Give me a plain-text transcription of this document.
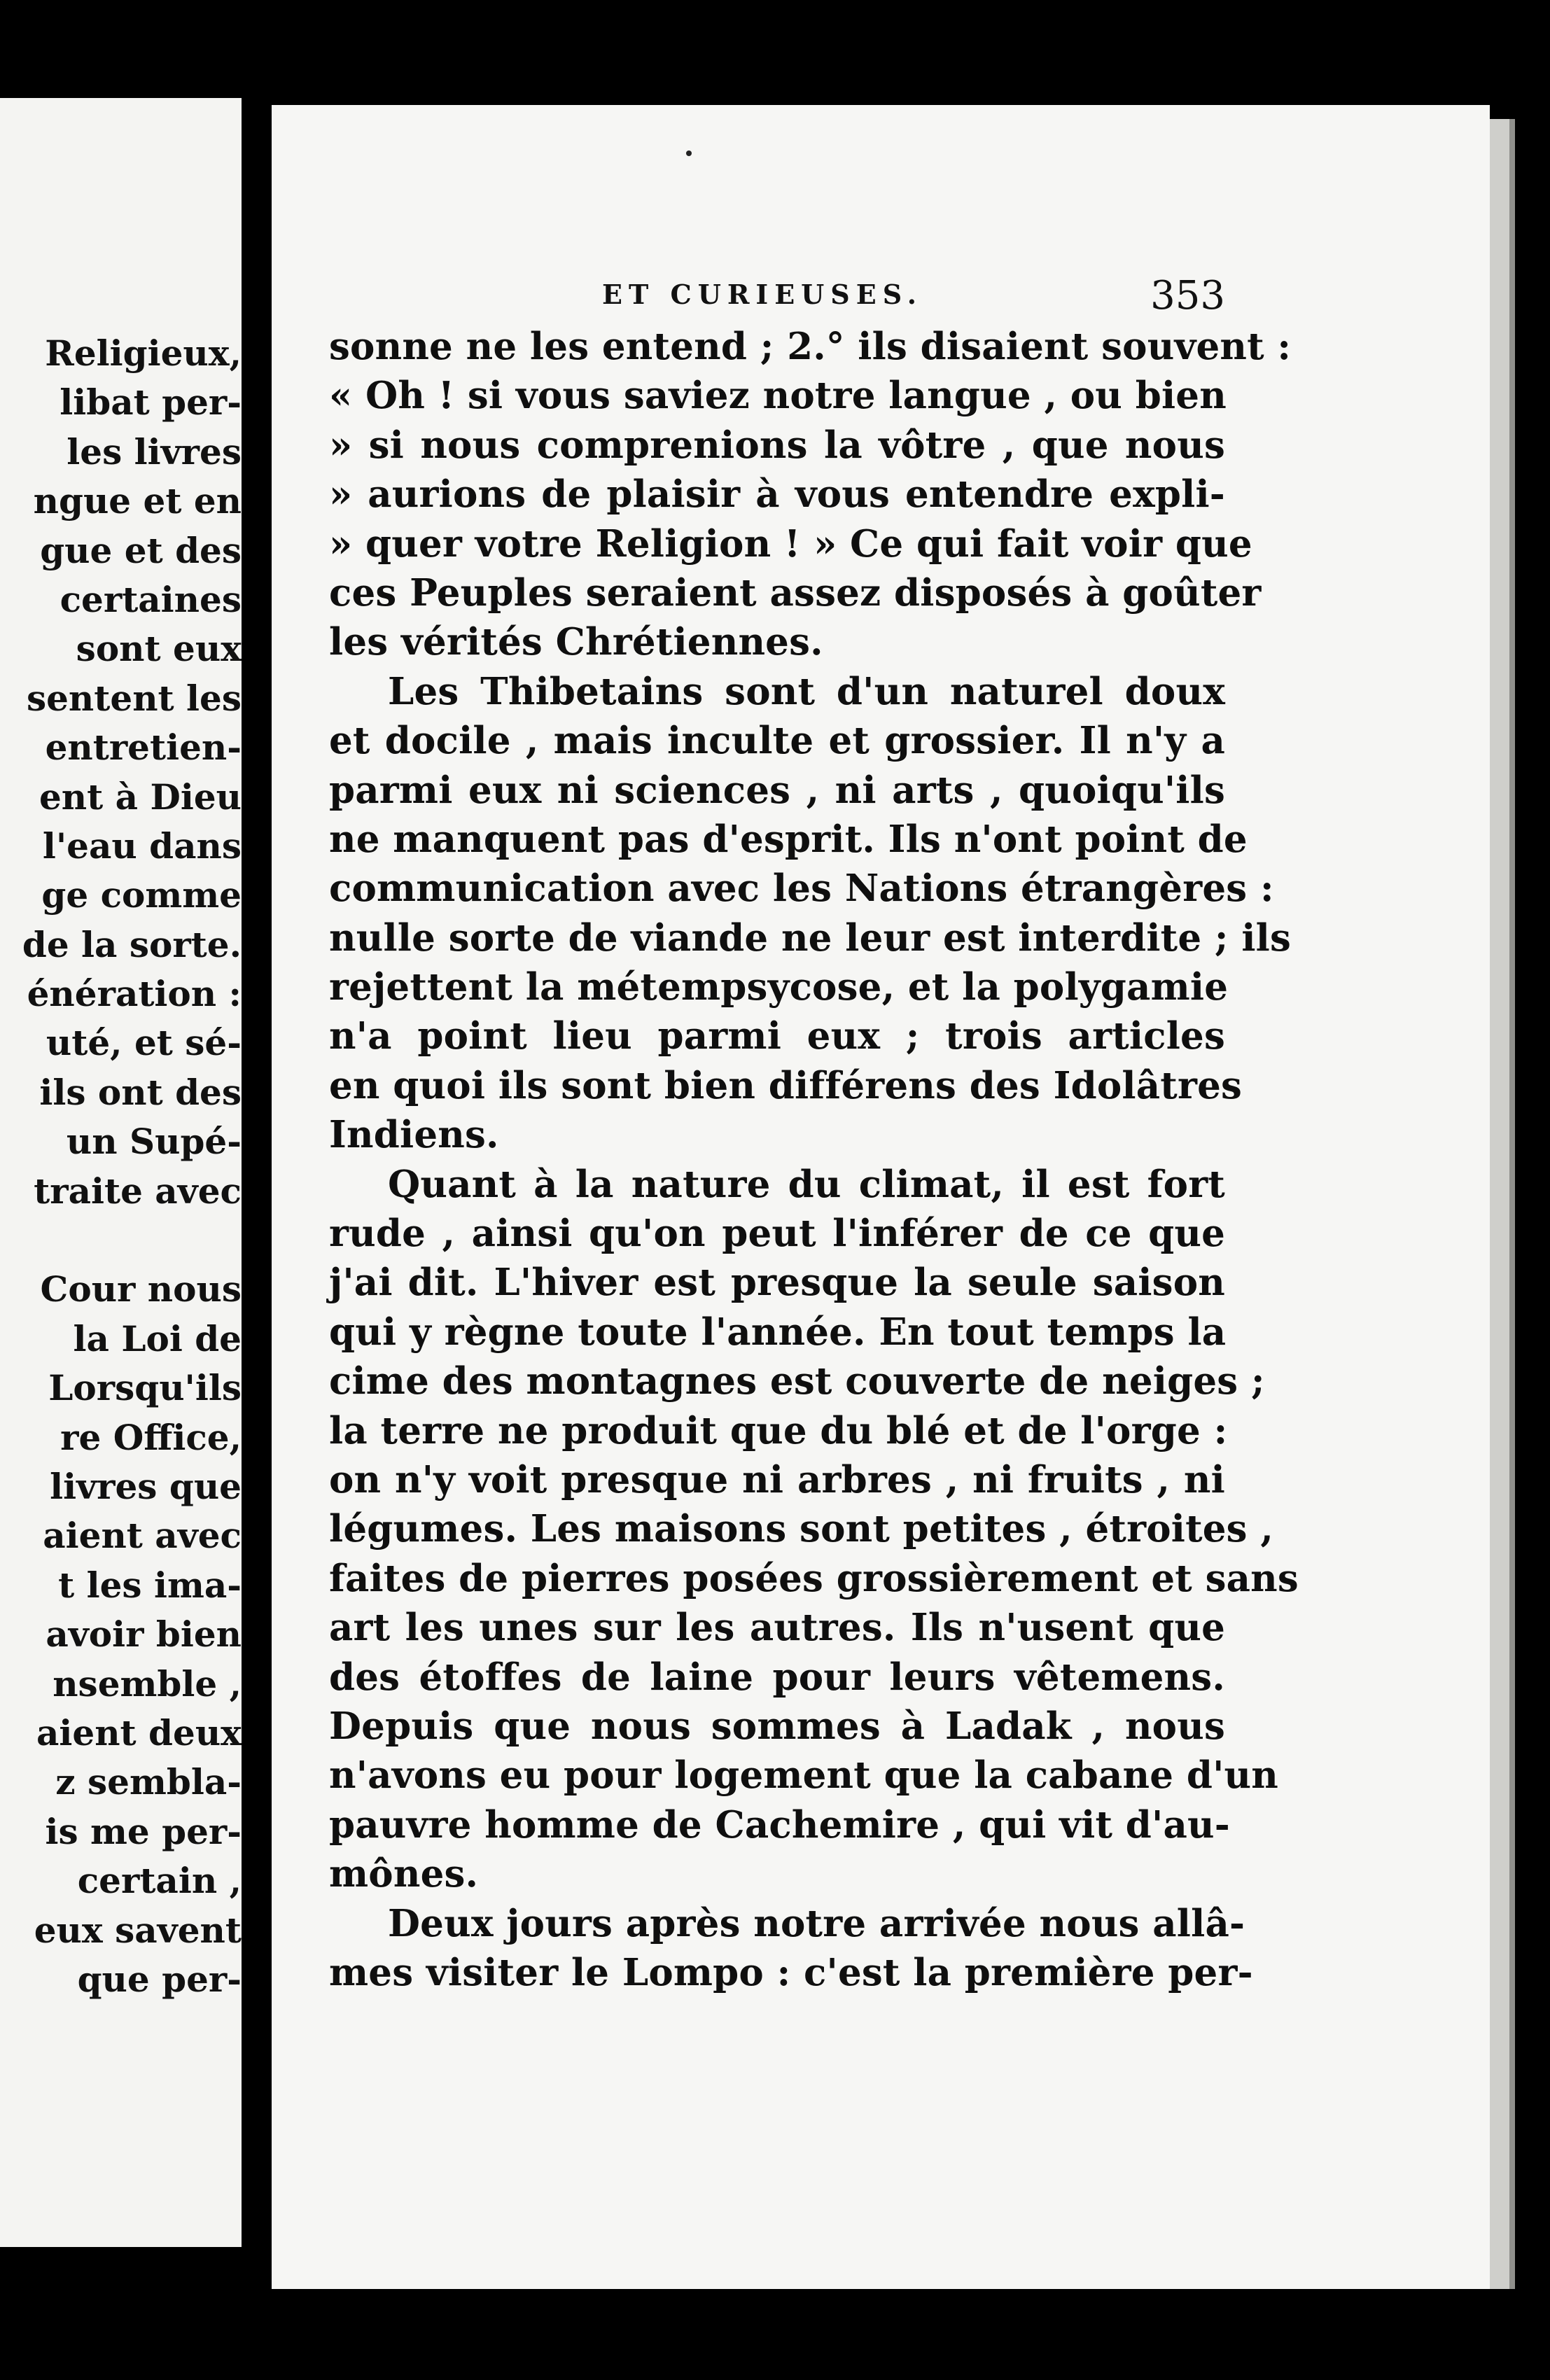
Religieux,
libat per-
les livres
ngue et en
gue et des
certaines
sont eux
sentent les
entretien-
ent à Dieu
l'eau dans
ge comme
de la sorte.
énération :
uté, et sé-
ils ont des
un Supé-
traite avec
Cour nous
la Loi de
Lorsqu'ils
re Office,
livres que
aient avec
t les ima-
avoir bien
nsemble ,
aient deux
z sembla-
is me per-
certain ,
eux savent
que per-
ET CURIEUSES.	353
sonne ne les entend ; 2.° ils disaient souvent :
« Oh ! si vous saviez notre langue , ou bien
» si nous comprenions la vôtre , que nous
» aurions de plaisir à vous entendre expli-
» quer votre Religion ! » Ce qui fait voir que
ces Peuples seraient assez disposés à goûter
les vérités Chrétiennes.
Les Thibetains sont d'un naturel doux
et docile , mais inculte et grossier. Il n'y a
parmi eux ni sciences , ni arts , quoiqu'ils
ne manquent pas d'esprit. Ils n'ont point de
communication avec les Nations étrangères :
nulle sorte de viande ne leur est interdite ; ils
rejettent la métempsycose, et la polygamie
n'a point lieu parmi eux ; trois articles
en quoi ils sont bien différens des Idolâtres
Indiens.
Quant à la nature du climat, il est fort
rude , ainsi qu'on peut l'inférer de ce que
j'ai dit. L'hiver est presque la seule saison
qui y règne toute l'année. En tout temps la
cime des montagnes est couverte de neiges ;
la terre ne produit que du blé et de l'orge :
on n'y voit presque ni arbres , ni fruits , ni
légumes. Les maisons sont petites , étroites ,
faites de pierres posées grossièrement et sans
art les unes sur les autres. Ils n'usent que
des étoffes de laine pour leurs vêtemens.
Depuis que nous sommes à Ladak , nous
n'avons eu pour logement que la cabane d'un
pauvre homme de Cachemire , qui vit d'au-
mônes.
Deux jours après notre arrivée nous allâ-
mes visiter le Lompo : c'est la première per-
